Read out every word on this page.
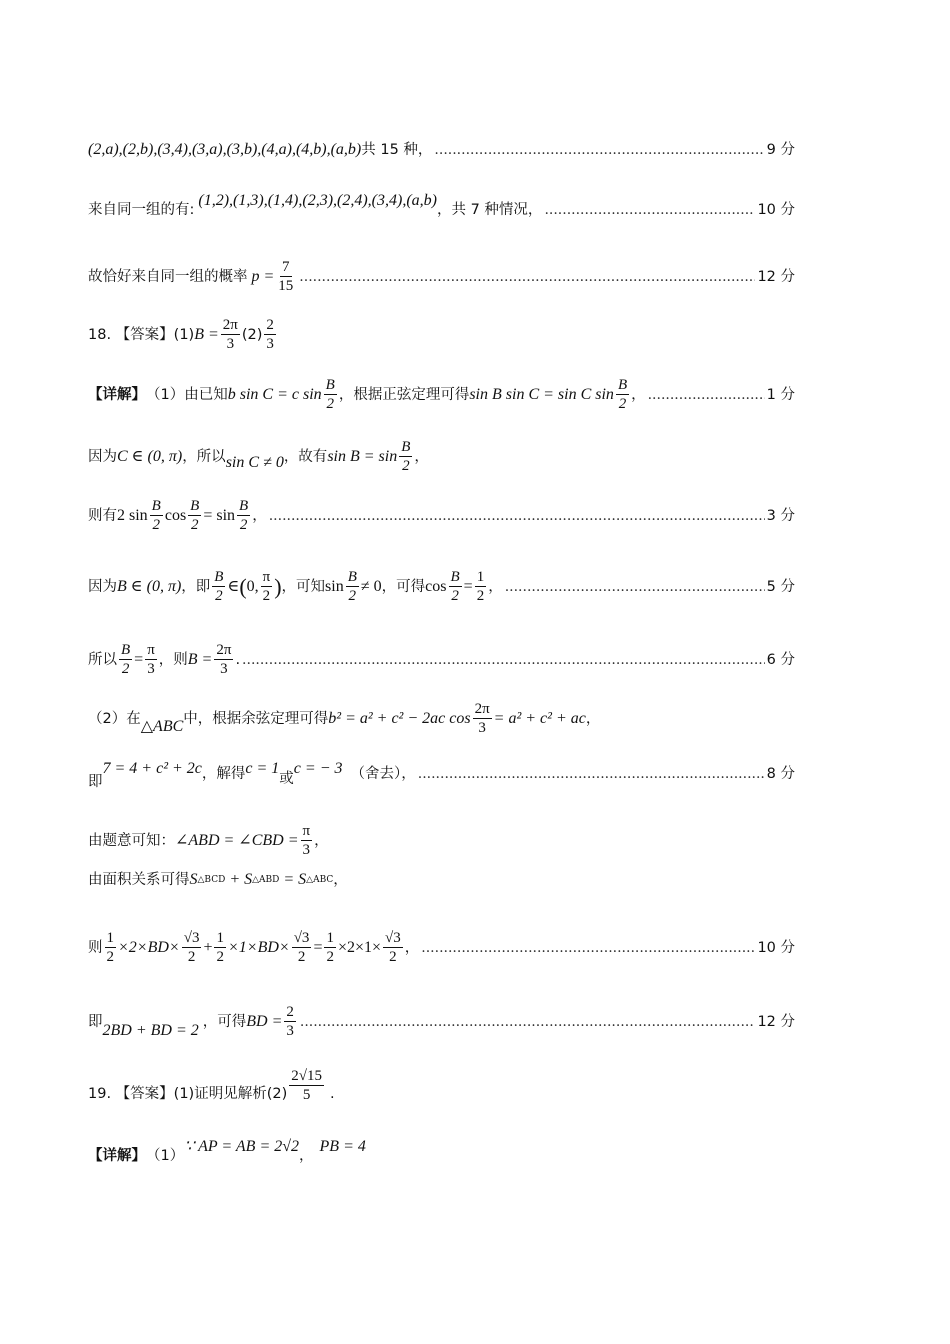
(2,a),(2,b),(3,4),(3,a),(3,b),(4,a),(4,b),(a,b) 共 15 种， .....	9 分
来自同一组的有:
(1,2),(1,3),(1,4),(2,3),(2,4),(3,4),(a,b)
，共 7 种情况， .....	10 分
故恰好来自同一组的概率 $p = \frac{7}{15}$ .....	12 分
18. 【答案】 (1) $B = \frac{2\pi}{3} (2) \frac{2}{3}$
【详解】 （1）由已知 b sin C = c $\sin \frac{B}{2}$ ，根据正弦定理可得 sin B sin C = sin C $\sin \frac{B}{2}$ ， .....	1 分
因为 C ∈ (0, π) ，所以 sin C ≠ 0 ，故有 $\sin B = \sin \frac{B}{2}$ ，
则有 2 $\sin \frac{B}{2}$ $\cos \frac{B}{2} = \sin \frac{B}{2}$ ， .....	3 分
因为 B ∈ (0, π) ，即 $\frac{B}{2}$ ∈ ( 0, $\frac{\pi}{2}$ ) ，可知 $\sin \frac{B}{2} \ne 0$ ，可得 $\cos \frac{B}{2} = \frac{1}{2}$ ， .....	5 分
所以 $\frac{B}{2} = \frac{\pi}{3}$ ，则 $B = \frac{2\pi}{3}$ . .....	6 分
（2）在 △ABC 中，根据余弦定理可得 b² = a² + c² − 2ac $\cos \frac{2\pi}{3} = a^2 + c^2$ + ac ，
即
7 = 4 + c² + 2c ，解得 c = 1
或
c = − 3 （舍去）， .....	8 分
由题意可知： ∠ABD = ∠CBD = $\frac{\pi}{3}$ ，
由面积关系可得 S △BCD + S △ABD = S △ABC ，
则 $\frac{1}{2} \times 2\times BD\times \frac{√3}{2} + \frac{1}{2} \times 1\times BD\times \frac{√3}{2} = \frac{1}{2} \times 2\times 1\times \frac{√3}{2}$ ， .....	10 分
即 2BD + BD = 2 ，可得 BD = $\frac{2}{3}$ .....	12 分
19. 【答案】 (1)证明见解析$(2) \frac{2√15}{5}$ .
【详解】 （1）
∵ AP = AB = 2√2
，
PB = 4
